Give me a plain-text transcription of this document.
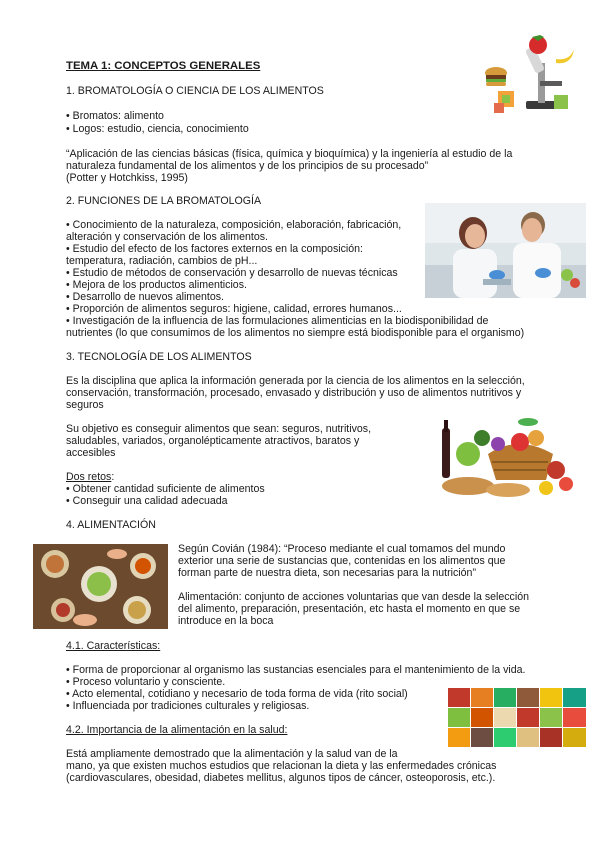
TEMA 1: CONCEPTOS GENERALES

1. BROMATOLOGÍA O CIENCIA DE LOS ALIMENTOS

• Bromatos: alimento

• Logos: estudio, ciencia, conocimiento

“Aplicación de las ciencias básicas (física, química y bioquímica) y la ingeniería al estudio de la

naturaleza fundamental de los alimentos y de los principios de su procesado”

(Potter y Hotchkiss, 1995)

2. FUNCIONES DE LA BROMATOLOGÍA

• Conocimiento de la naturaleza, composición, elaboración, fabricación,

alteración y conservación de los alimentos.

• Estudio del efecto de los factores externos en la composición:

temperatura, radiación, cambios de pH...

• Estudio de métodos de conservación y desarrollo de nuevas técnicas

• Mejora de los productos alimenticios.

• Desarrollo de nuevos alimentos.

• Proporción de alimentos seguros: higiene, calidad, errores humanos...

• Investigación de la influencia de las formulaciones alimenticias en la biodisponibilidad de

nutrientes (lo que consumimos de los alimentos no siempre está biodisponible para el organismo)

3. TECNOLOGÍA DE LOS ALIMENTOS

Es la disciplina que aplica la información generada por la ciencia de los alimentos en la selección,

conservación, transformación, procesado, envasado y distribución y uso de alimentos nutritivos y

seguros

Su objetivo es conseguir alimentos que sean: seguros, nutritivos,

saludables, variados, organolépticamente atractivos, baratos y

accesibles

Dos retos:

• Obtener cantidad suficiente de alimentos

• Conseguir una calidad adecuada

4. ALIMENTACIÓN

Según Covián (1984): “Proceso mediante el cual tomamos del mundo

exterior una serie de sustancias que, contenidas en los alimentos que

forman parte de nuestra dieta, son necesarias para la nutrición”

Alimentación: conjunto de acciones voluntarias que van desde la selección

del alimento, preparación, presentación, etc hasta el momento en que se

introduce en la boca

4.1. Características:

• Forma de proporcionar al organismo las sustancias esenciales para el mantenimiento de la vida.

• Proceso voluntario y consciente.

• Acto elemental, cotidiano y necesario de toda forma de vida (rito social)

• Influenciada por tradiciones culturales y religiosas.

4.2. Importancia de la alimentación en la salud:

Está ampliamente demostrado que la alimentación y la salud van de la

mano, ya que existen muchos estudios que relacionan la dieta y las enfermedades crónicas

(cardiovasculares, obesidad, diabetes mellitus, algunos tipos de cáncer, osteoporosis, etc.).
